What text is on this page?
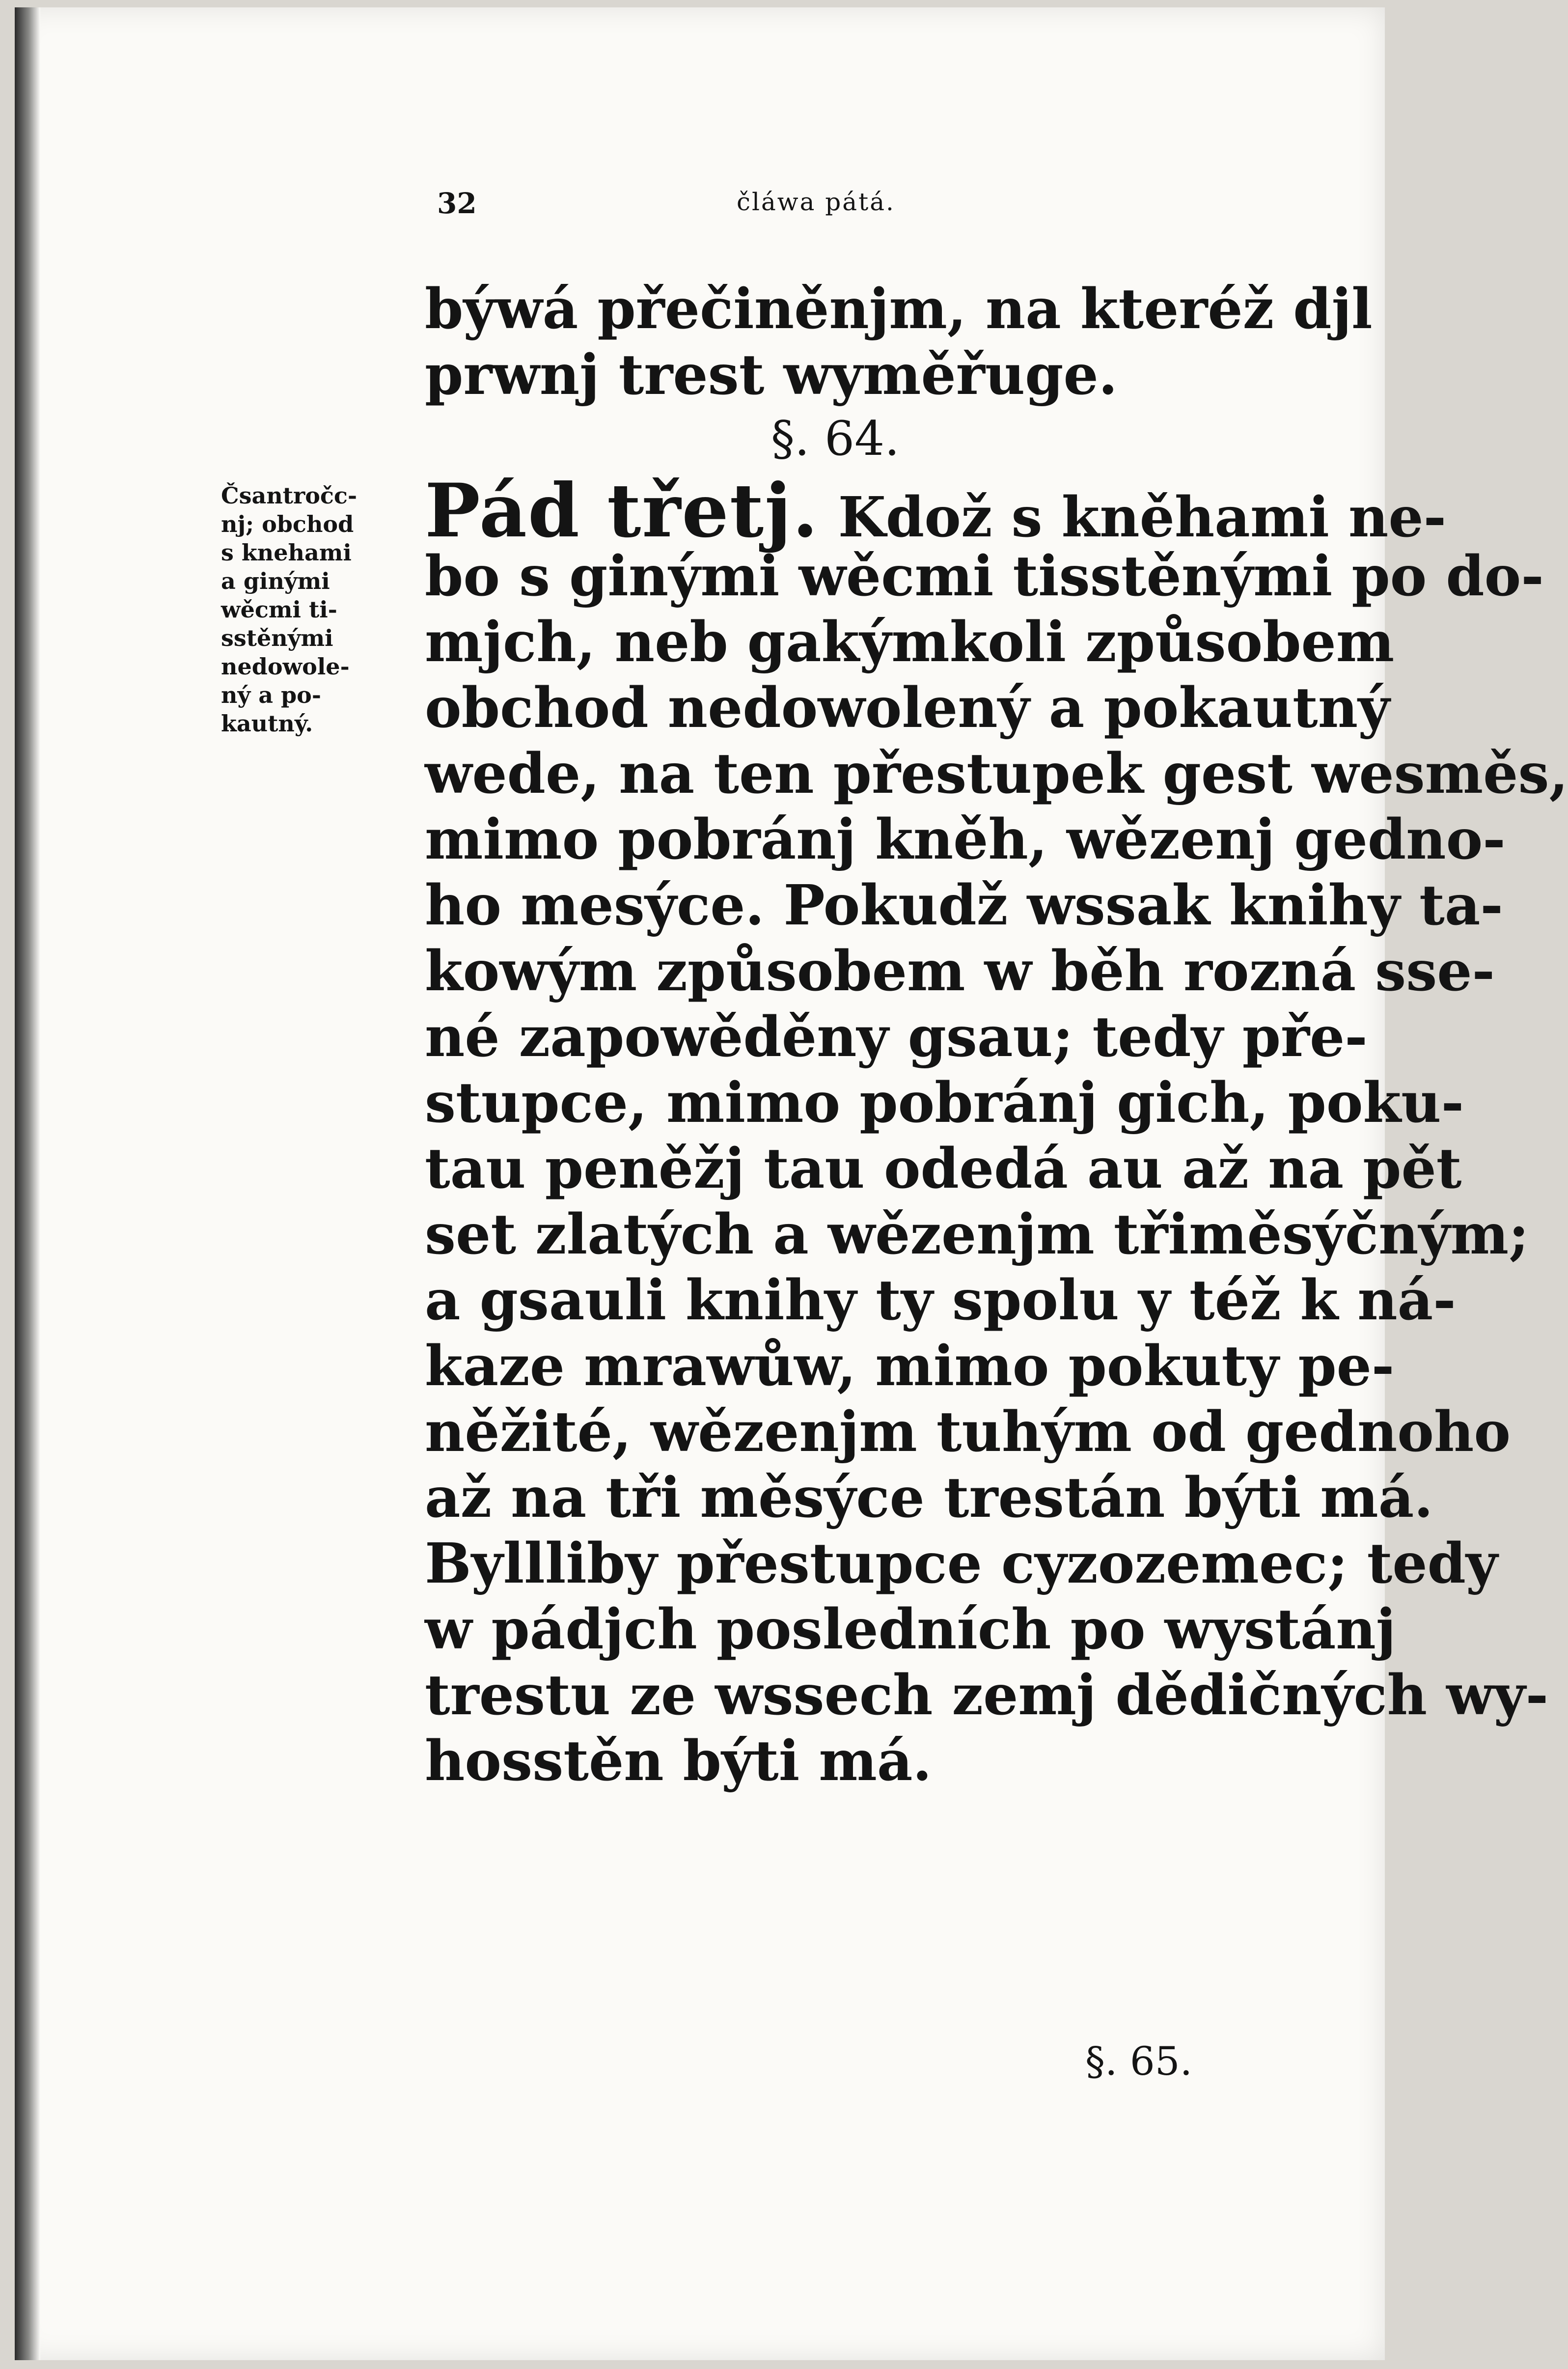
32	čláwa pátá.
býwá přečiněnjm, na kteréž djl
prwnj trest wyměřuge.
§. 64.
Čsantročc-
nj; obchod
s knehami
a ginými
wěcmi ti-
sstěnými
nedowole-
ný a po-
kautný.
Pád třetj. Kdož s kněhami ne-
bo s ginými wěcmi tisstěnými po do-
mjch, neb gakýmkoli způsobem
obchod nedowolený a pokautný
wede, na ten přestupek gest wesměs,
mimo pobránj kněh, wězenj gedno-
ho mesýce. Pokudž wssak knihy ta-
kowým způsobem w běh rozná sse-
né zapowěděny gsau; tedy pře-
stupce, mimo pobránj gich, poku-
tau peněžj tau odedá au až na pět
set zlatých a wězenjm třiměsýčným;
a gsauli knihy ty spolu y též k ná-
kaze mrawůw, mimo pokuty pe-
něžité, wězenjm tuhým od gednoho
až na tři měsýce trestán býti má.
Byllliby přestupce cyzozemec; tedy
w pádjch posledních po wystánj
trestu ze wssech zemj dědičných wy-
hosstěn býti má.
§. 65.
